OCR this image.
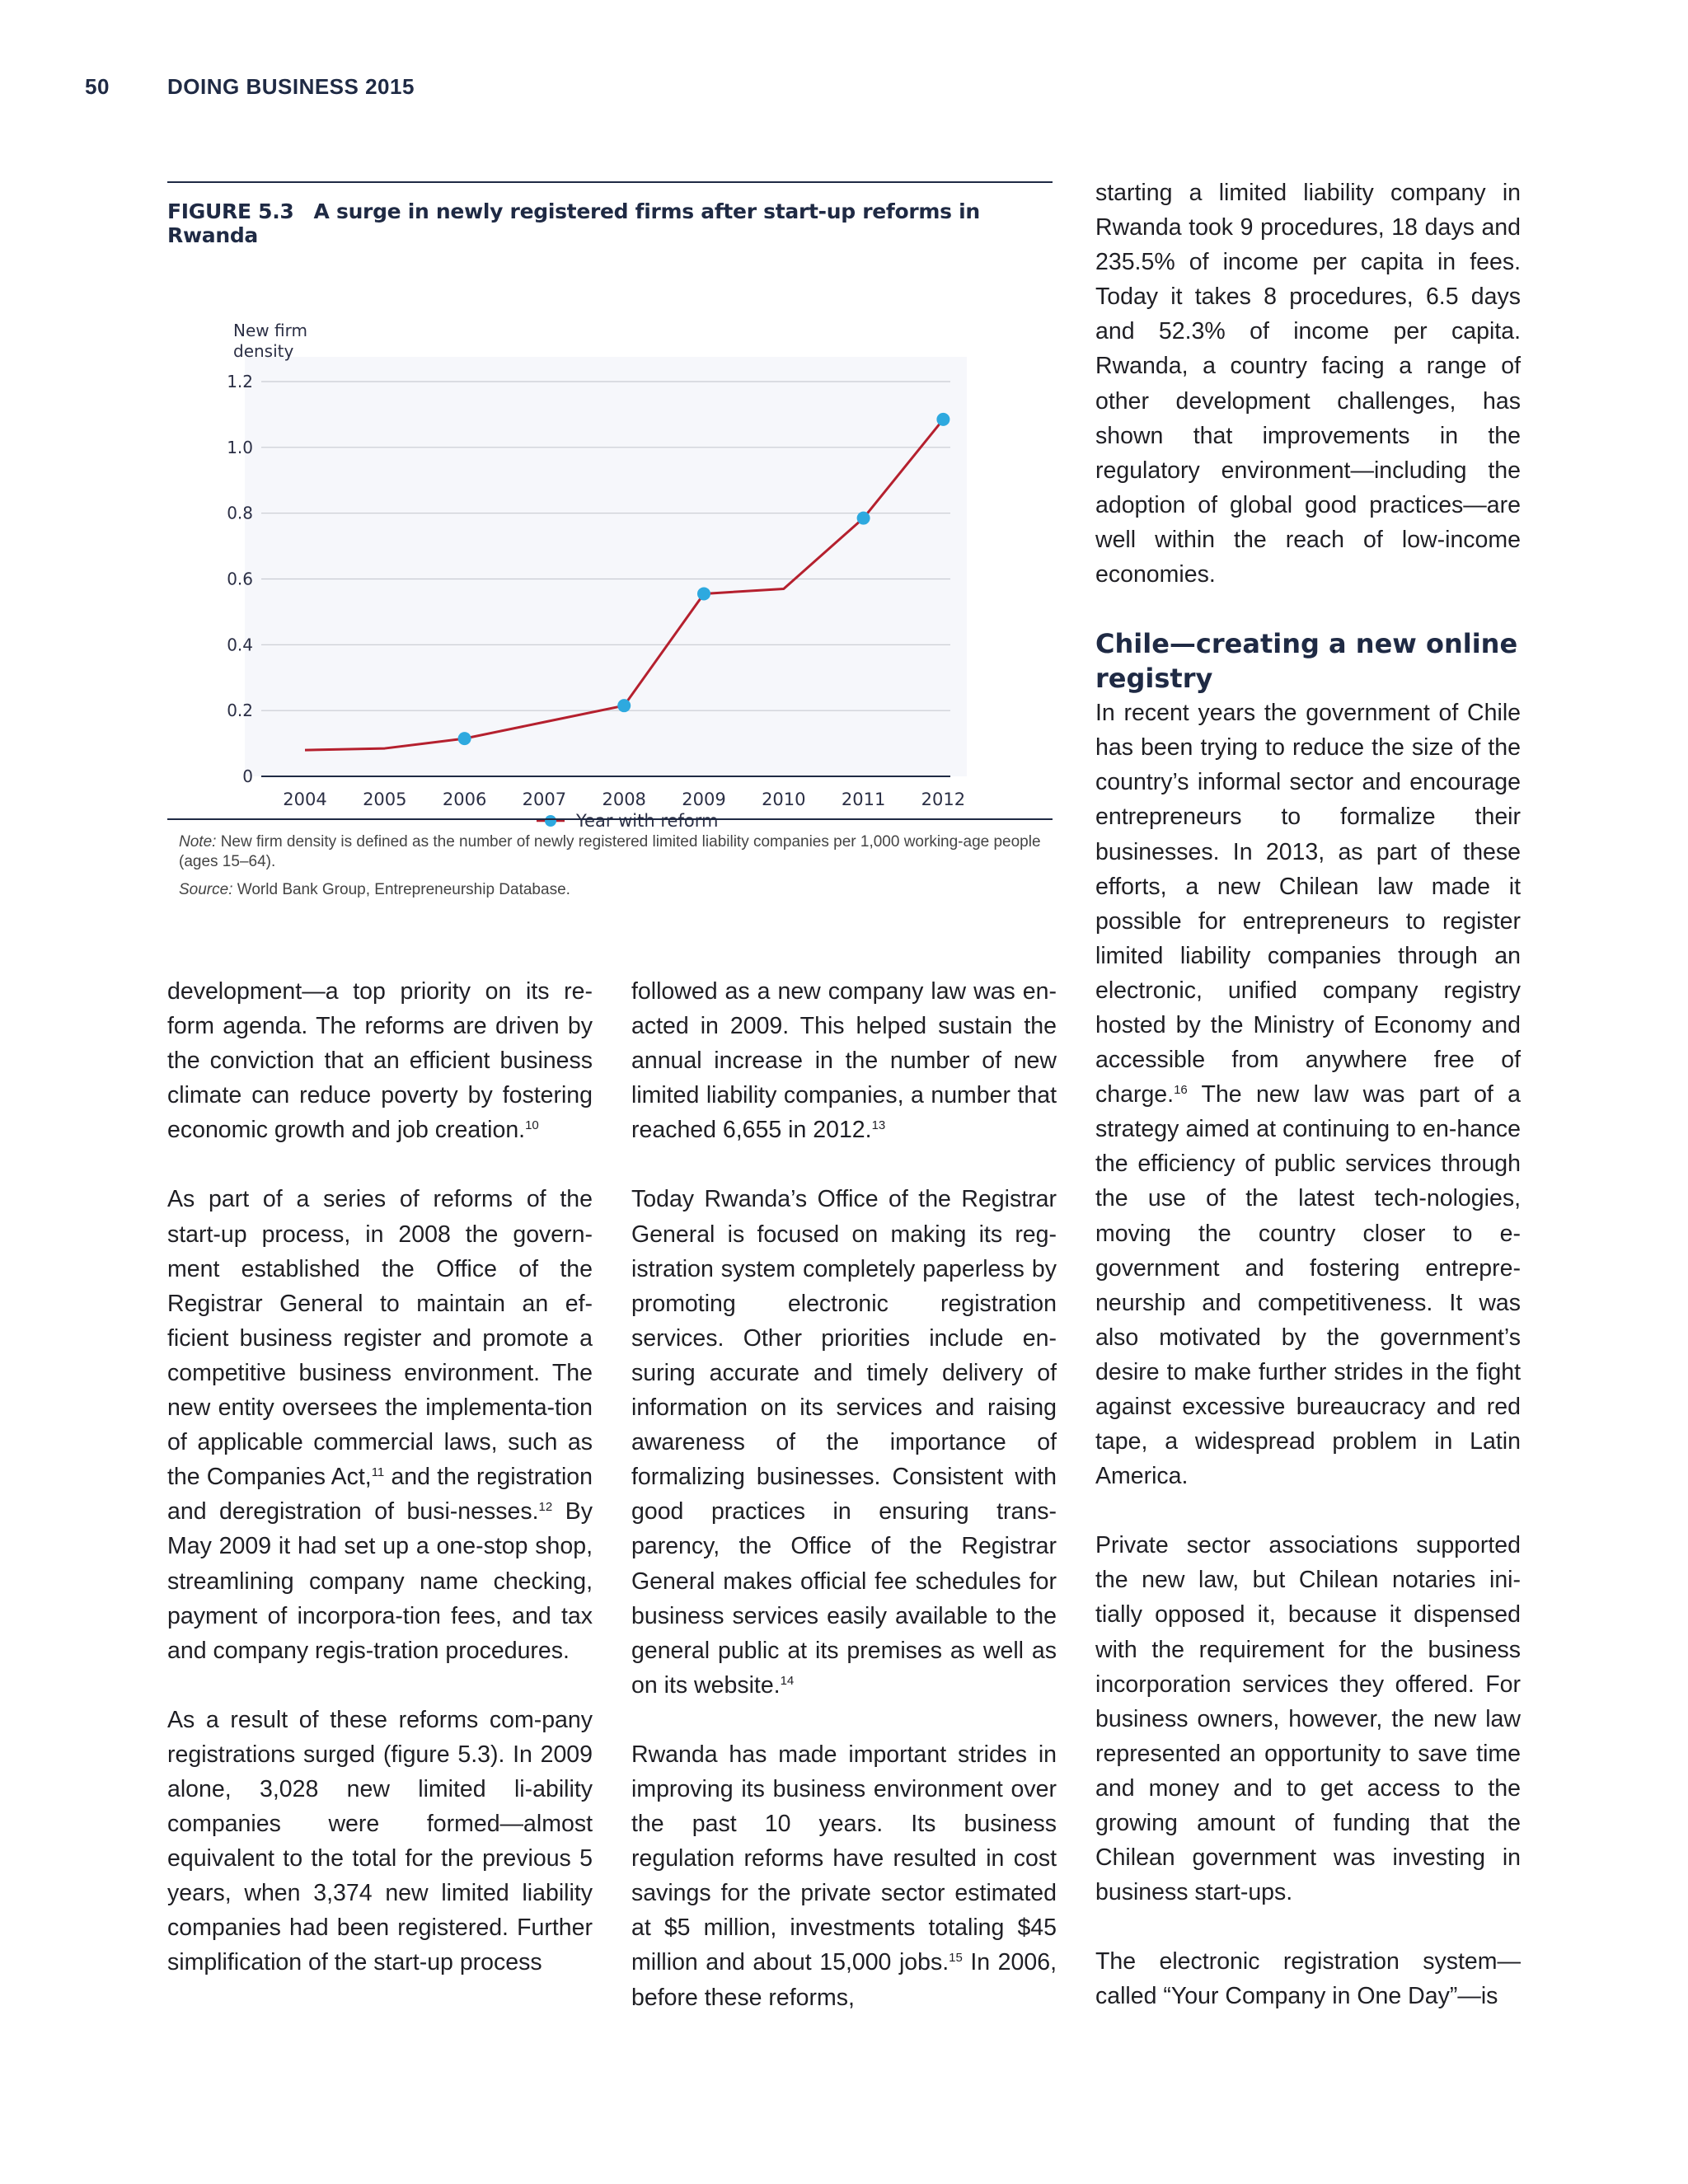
50	DOING BUSINESS 2015
FIGURE 5.3 A surge in newly registered firms after start-up reforms in Rwanda
0
0.2
0.4
0.6
0.8
1.0
1.2
2004 2005 2006 2007 2008 2009 2010 2011 2012
New firm
density
Year with reform

Note: New firm density is defined as the number of newly registered limited liability companies per 1,000 working-age people (ages 15–64).

Source: World Bank Group, Entrepreneurship Database.

development—a top priority on its re-form agenda. The reforms are driven by the conviction that an efficient business climate can reduce poverty by fostering economic growth and job creation.$^{10}$

As part of a series of reforms of the start-up process, in 2008 the govern-ment established the Office of the Registrar General to maintain an ef-ficient business register and promote a competitive business environment. The new entity oversees the implementa-tion of applicable commercial laws, such as the Companies Act,$^{11}$ and the registration and deregistration of busi-nesses.$^{12}$ By May 2009 it had set up a one-stop shop, streamlining company name checking, payment of incorpora-tion fees, and tax and company regis-tration procedures.

As a result of these reforms com-pany registrations surged (figure 5.3). In 2009 alone, 3,028 new limited li-ability companies were formed—almost equivalent to the total for the previous 5 years, when 3,374 new limited liability companies had been registered. Further simplification of the start-up process

followed as a new company law was en-acted in 2009. This helped sustain the annual increase in the number of new limited liability companies, a number that reached 6,655 in 2012.13

Today Rwanda’s Office of the Registrar General is focused on making its reg-istration system completely paperless by promoting electronic registration services. Other priorities include en-suring accurate and timely delivery of information on its services and raising awareness of the importance of formalizing businesses. Consistent with good practices in ensuring trans-parency, the Office of the Registrar General makes official fee schedules for business services easily available to the general public at its premises as well as on its website.$^{14}$

Rwanda has made important strides in improving its business environment over the past 10 years. Its business regulation reforms have resulted in cost savings for the private sector estimated at $5 million, investments totaling $45 million and about 15,000 jobs.$^{15}$ In 2006, before these reforms,

starting a limited liability company in Rwanda took 9 procedures, 18 days and 235.5% of income per capita in fees. Today it takes 8 procedures, 6.5 days and 52.3% of income per capita. Rwanda, a country facing a range of other development challenges, has shown that improvements in the regulatory environment—including the adoption of global good practices—are well within the reach of low-income economies.

Chile—creating a new online registry

In recent years the government of Chile has been trying to reduce the size of the country’s informal sector and encourage entrepreneurs to formalize their businesses. In 2013, as part of these efforts, a new Chilean law made it possible for entrepreneurs to register limited liability companies through an electronic, unified company registry hosted by the Ministry of Economy and accessible from anywhere free of charge.$^{16}$ The new law was part of a strategy aimed at continuing to en-hance the efficiency of public services through the use of the latest tech-nologies, moving the country closer to e-government and fostering entrepre-neurship and competitiveness. It was also motivated by the government’s desire to make further strides in the fight against excessive bureaucracy and red tape, a widespread problem in Latin America.

Private sector associations supported the new law, but Chilean notaries ini-tially opposed it, because it dispensed with the requirement for the business incorporation services they offered. For business owners, however, the new law represented an opportunity to save time and money and to get access to the growing amount of funding that the Chilean government was investing in business start-ups.

The electronic registration system—called “Your Company in One Day”—is
